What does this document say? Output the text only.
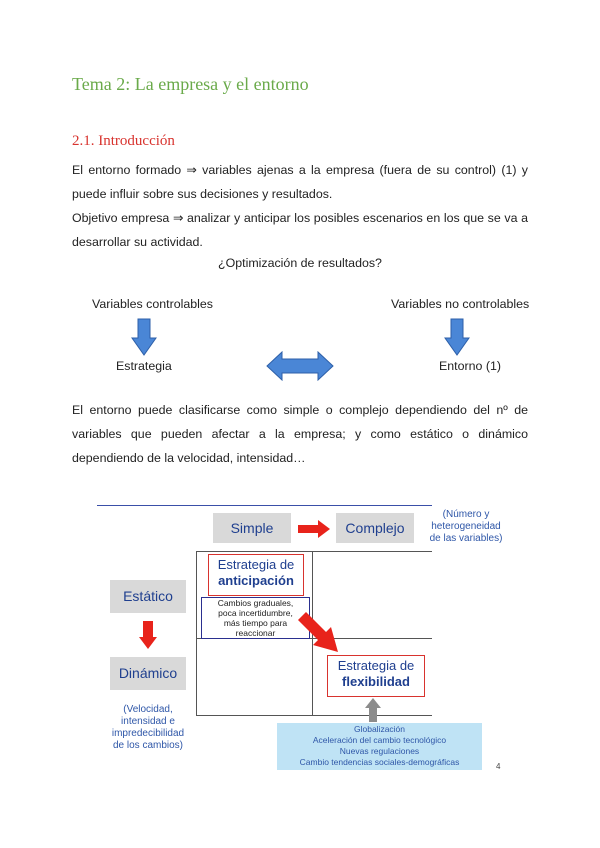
Tema 2: La empresa y el entorno
2.1. Introducción
El entorno formado ⇒ variables ajenas a la empresa (fuera de su control) (1) y
puede influir sobre sus decisiones y resultados.
Objetivo empresa ⇒ analizar y anticipar los posibles escenarios en los que se va a
desarrollar su actividad.
¿Optimización de resultados?
Variables controlables
Estrategia
Variables no controlables
Entorno (1)
El entorno puede clasificarse como simple o complejo dependiendo del nº de
variables que pueden afectar a la empresa; y como estático o dinámico
dependiendo de la velocidad, intensidad…
Simple	Complejo
(Número y
heterogeneidad
de las variables)
Estático
Dinámico
(Velocidad,
intensidad e
impredecibilidad
de los cambios)
Estrategia de
anticipación
Cambios graduales,
poca incertidumbre,
más tiempo para
reaccionar
Estrategia de
flexibilidad
Globalización
Aceleración del cambio tecnológico
Nuevas regulaciones
Cambio tendencias sociales-demográficas	4
